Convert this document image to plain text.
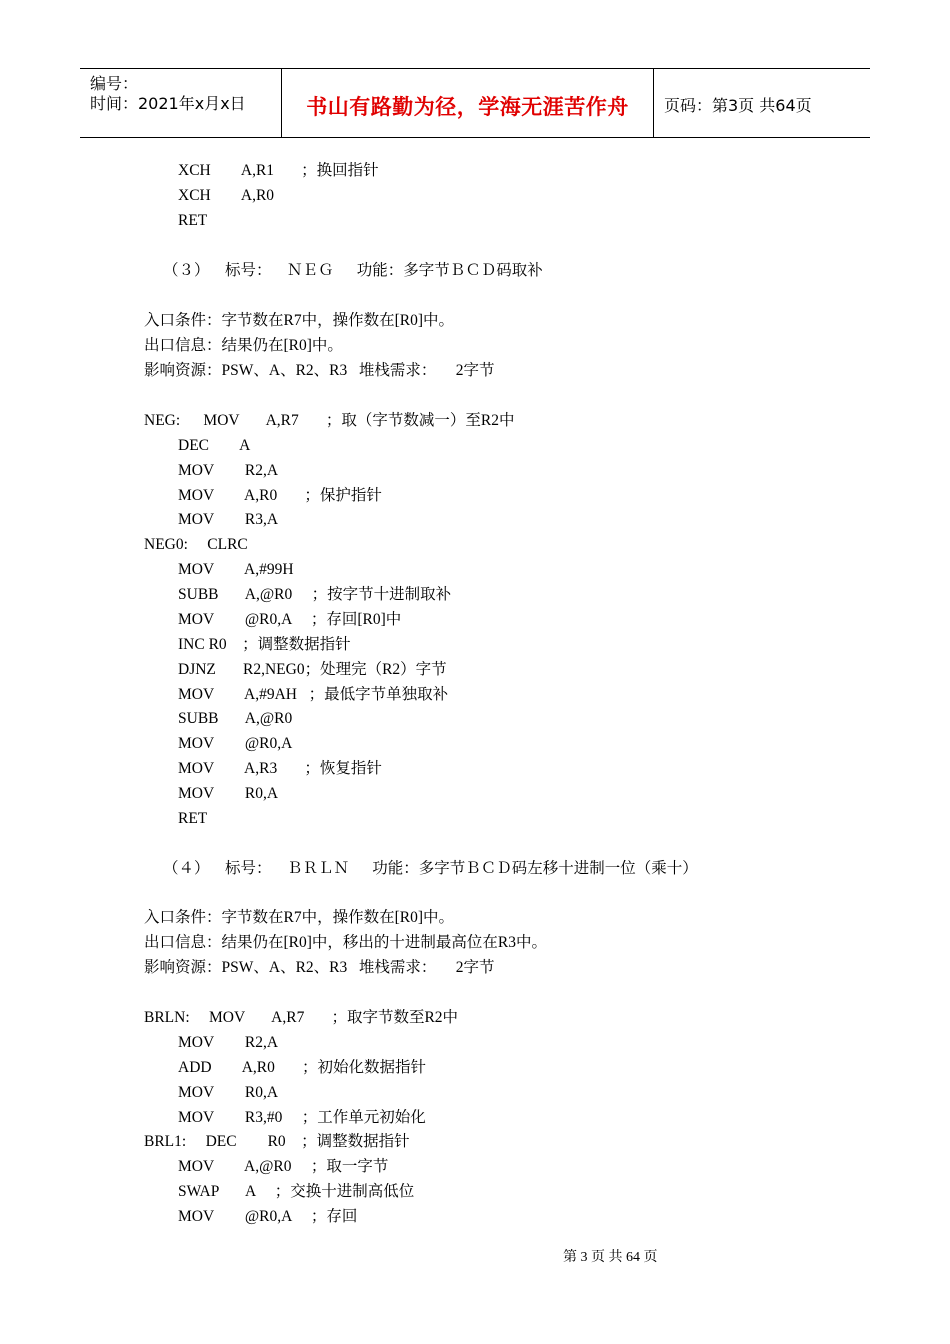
编号：
时间：2021年x月x日	书山有路勤为径，学海无涯苦作舟	页码：第3页 共64页
XCH        A,R1       ；换回指针
XCH        A,R0
RET
（３）    标号：    ＮＥＧ      功能：多字节ＢＣＤ码取补
入口条件：字节数在R7中，操作数在[R0]中。
出口信息：结果仍在[R0]中。
影响资源：PSW、A、R2、R3   堆栈需求：     2字节
NEG:      MOV       A,R7       ；取（字节数减一）至R2中
DEC        A
MOV        R2,A
MOV        A,R0       ；保护指针
MOV        R3,A
NEG0:     CLRC
MOV        A,#99H
SUBB       A,@R0     ；按字节十进制取补
MOV        @R0,A     ；存回[R0]中
INC R0    ；调整数据指针
DJNZ       R2,NEG0；处理完（R2）字节
MOV        A,#9AH   ；最低字节单独取补
SUBB       A,@R0
MOV        @R0,A
MOV        A,R3       ；恢复指针
MOV        R0,A
RET
（４）    标号：    ＢＲＬＮ      功能：多字节ＢＣＤ码左移十进制一位（乘十）
入口条件：字节数在R7中，操作数在[R0]中。
出口信息：结果仍在[R0]中，移出的十进制最高位在R3中。
影响资源：PSW、A、R2、R3   堆栈需求：     2字节
BRLN:     MOV       A,R7       ；取字节数至R2中
MOV        R2,A
ADD        A,R0       ；初始化数据指针
MOV        R0,A
MOV        R3,#0     ；工作单元初始化
BRL1:     DEC        R0    ；调整数据指针
MOV        A,@R0     ；取一字节
SWAP       A     ；交换十进制高低位
MOV        @R0,A     ；存回
第 3 页 共 64 页
